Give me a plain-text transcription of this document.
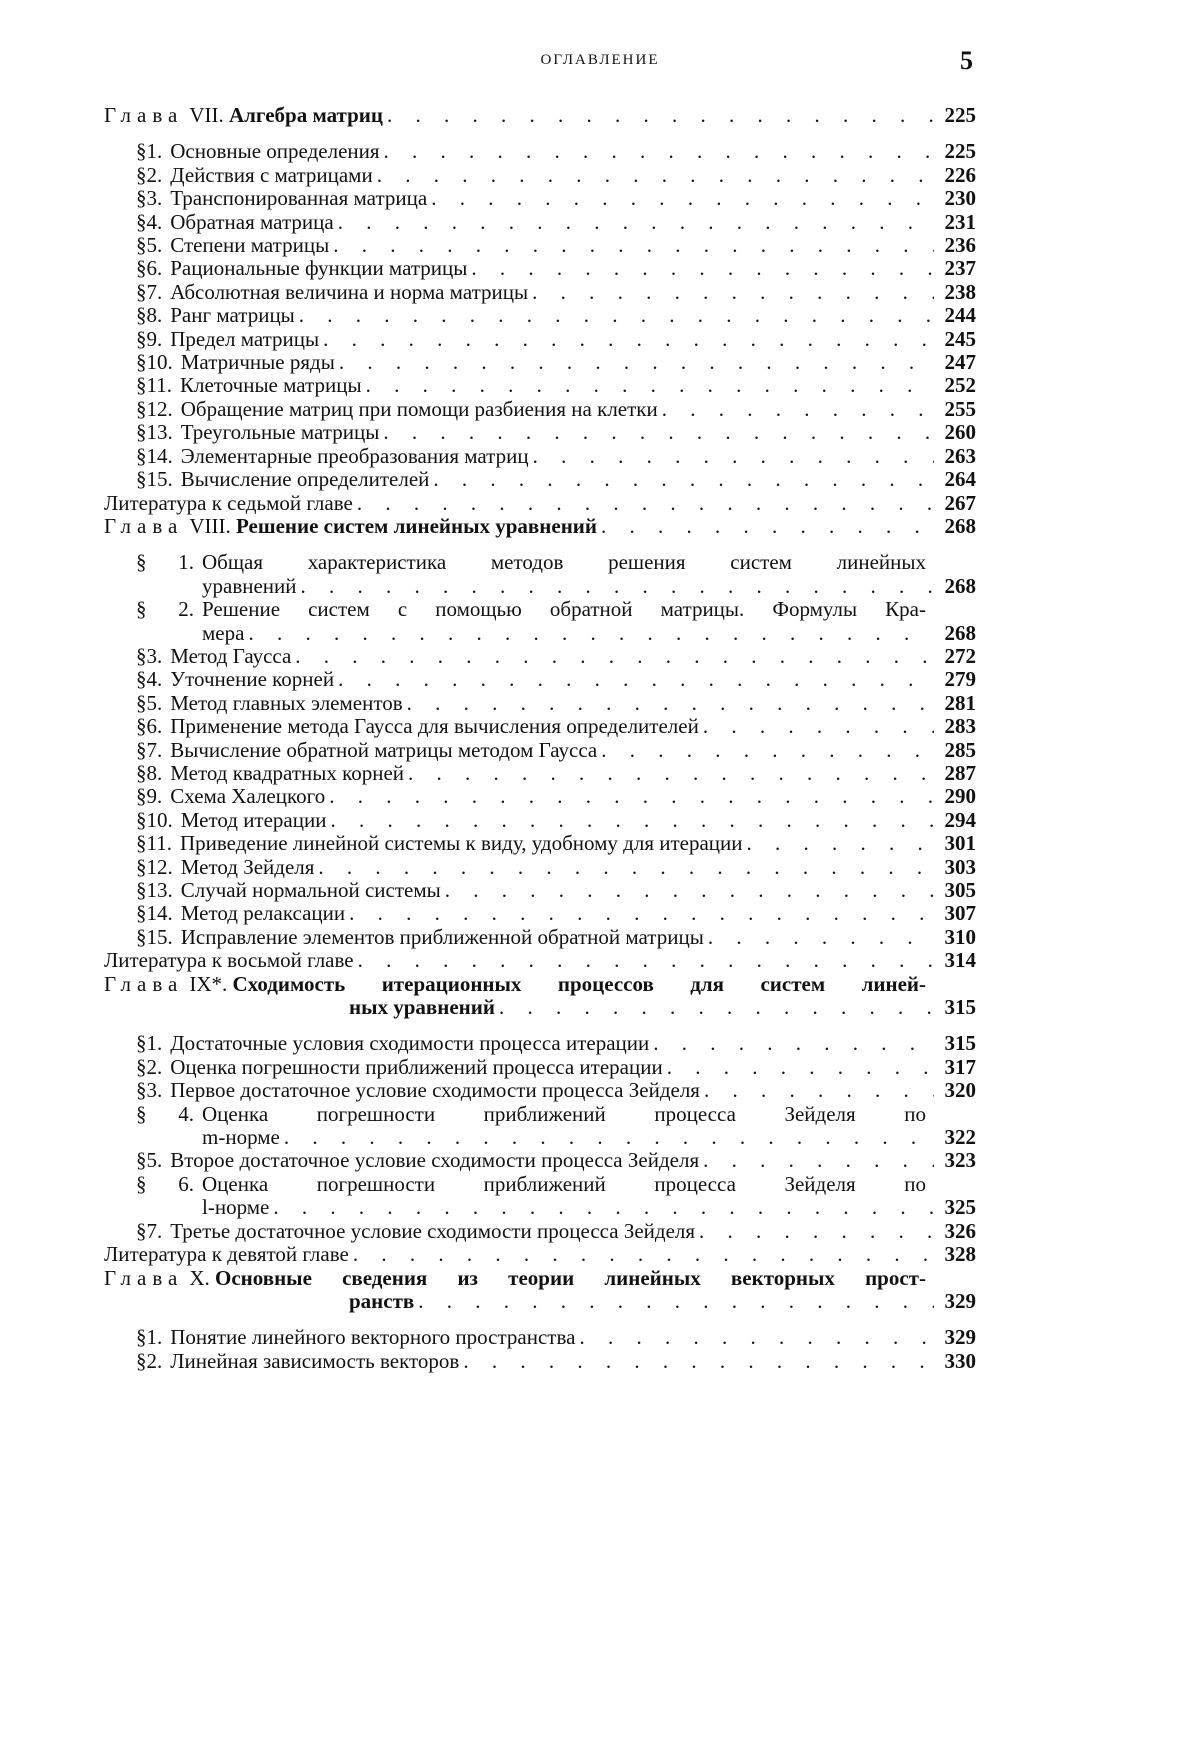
ОГЛАВЛЕНИЕ	5
Глава VII.
Алгебра матриц
. . .	225
§ 1. Основные определения
. . .	225
§ 2. Действия с матрицами
. . .	226
§ 3. Транспонированная матрица
. . .	230
§ 4. Обратная матрица
. . .	231
§ 5. Степени матрицы
. . .	236
§ 6. Рациональные функции матрицы
. . .	237
§ 7. Абсолютная величина и норма матрицы
. . .	238
§ 8. Ранг матрицы
. . .	244
§ 9. Предел матрицы
. . .	245
§ 10. Матричные ряды
. . .	247
§ 11. Клеточные матрицы
. . .	252
§ 12. Обращение матриц при помощи разбиения на клетки
. . .	255
§ 13. Треугольные матрицы
. . .	260
§ 14. Элементарные преобразования матриц
. . .	263
§ 15. Вычисление определителей
. . .	264
Литература к седьмой главе
. . .	267
Глава VIII.
Решение систем линейных уравнений
. . .	268
§	1. Общая характеристика методов решения систем линейных
уравнений
. . .	268
§	2. Решение систем с помощью обратной матрицы. Формулы Кра-
мера
. . .	268
§ 3. Метод Гаусса
. . .	272
§ 4. Уточнение корней
. . .	279
§ 5. Метод главных элементов
. . .	281
§ 6. Применение метода Гаусса для вычисления определителей
. . .	283
§ 7. Вычисление обратной матрицы методом Гаусса
. . .	285
§ 8. Метод квадратных корней
. . .	287
§ 9. Схема Халецкого
. . .	290
§ 10. Метод итерации
. . .	294
§ 11. Приведение линейной системы к виду, удобному для итерации
. . .	301
§ 12. Метод Зейделя
. . .	303
§ 13. Случай нормальной системы
. . .	305
§ 14. Метод релаксации
. . .	307
§ 15. Исправление элементов приближенной обратной матрицы
. . .	310
Литература к восьмой главе
. . .	314
Глава IX*.
Сходимость итерационных процессов для систем линей-
ных уравнений
. . .	315
§ 1. Достаточные условия сходимости процесса итерации
. . .	315
§ 2. Оценка погрешности приближений процесса итерации
. . .	317
§ 3. Первое достаточное условие сходимости процесса Зейделя
. . .	320
§	4. Оценка погрешности приближений процесса Зейделя по
m-норме
. . .	322
§ 5. Второе достаточное условие сходимости процесса Зейделя
. . .	323
§	6. Оценка погрешности приближений процесса Зейделя по
l-норме
. . .	325
§ 7. Третье достаточное условие сходимости процесса Зейделя
. . .	326
Литература к девятой главе
. . .	328
Глава X.
Основные сведения из теории линейных векторных прост-
ранств
. . .	329
§ 1. Понятие линейного векторного пространства
. . .	329
§ 2. Линейная зависимость векторов
. . .	330
